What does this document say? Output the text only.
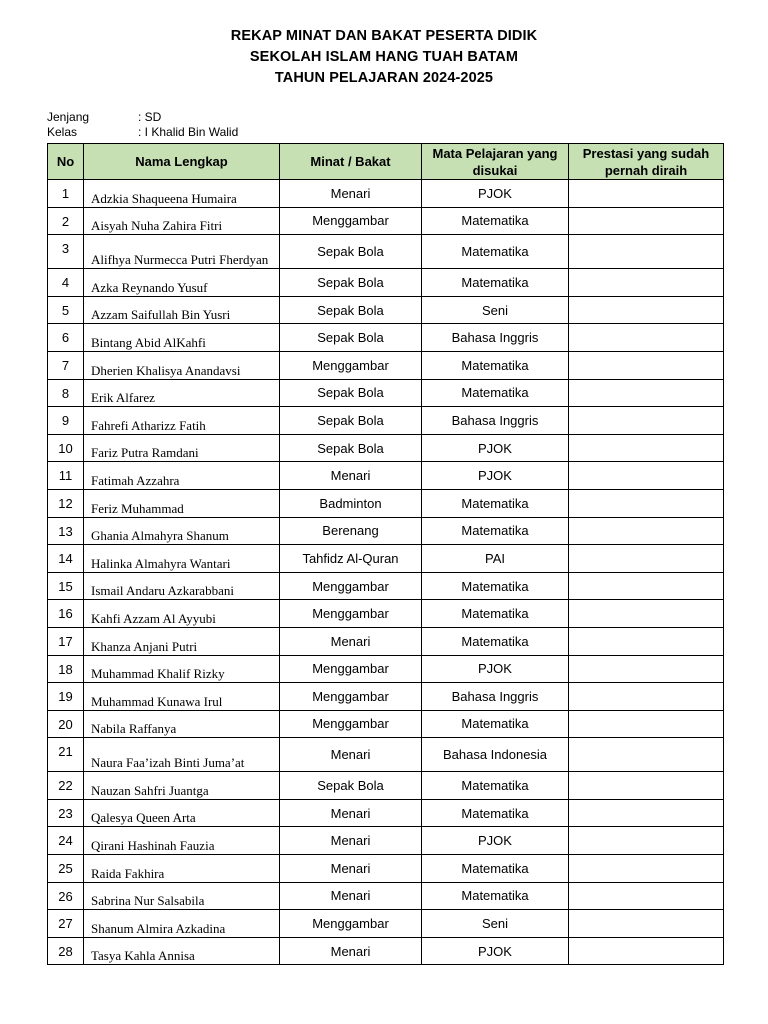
REKAP MINAT DAN BAKAT PESERTA DIDIK
SEKOLAH ISLAM HANG TUAH BATAM
TAHUN PELAJARAN 2024-2025
Jenjang	: SD
Kelas	: I Khalid Bin Walid
No	Nama Lengkap	Minat / Bakat	Mata Pelajaran yang disukai	Prestasi yang sudah pernah diraih
1	Adzkia Shaqueena Humaira	Menari	PJOK	
2	Aisyah Nuha Zahira Fitri	Menggambar	Matematika	
3	Alifhya Nurmecca Putri Fherdyan	Sepak Bola	Matematika	
4	Azka Reynando Yusuf	Sepak Bola	Matematika	
5	Azzam Saifullah Bin Yusri	Sepak Bola	Seni	
6	Bintang Abid AlKahfi	Sepak Bola	Bahasa Inggris	
7	Dherien Khalisya Anandavsi	Menggambar	Matematika	
8	Erik Alfarez	Sepak Bola	Matematika	
9	Fahrefi Atharizz Fatih	Sepak Bola	Bahasa Inggris	
10	Fariz Putra Ramdani	Sepak Bola	PJOK	
11	Fatimah Azzahra	Menari	PJOK	
12	Feriz Muhammad	Badminton	Matematika	
13	Ghania Almahyra Shanum	Berenang	Matematika	
14	Halinka Almahyra Wantari	Tahfidz Al-Quran	PAI	
15	Ismail Andaru Azkarabbani	Menggambar	Matematika	
16	Kahfi Azzam Al Ayyubi	Menggambar	Matematika	
17	Khanza Anjani Putri	Menari	Matematika	
18	Muhammad Khalif Rizky	Menggambar	PJOK	
19	Muhammad Kunawa Irul	Menggambar	Bahasa Inggris	
20	Nabila Raffanya	Menggambar	Matematika	
21	Naura Faa’izah Binti Juma’at	Menari	Bahasa Indonesia	
22	Nauzan Sahfri Juantga	Sepak Bola	Matematika	
23	Qalesya Queen Arta	Menari	Matematika	
24	Qirani Hashinah Fauzia	Menari	PJOK	
25	Raida Fakhira	Menari	Matematika	
26	Sabrina Nur Salsabila	Menari	Matematika	
27	Shanum Almira Azkadina	Menggambar	Seni	
28	Tasya Kahla Annisa	Menari	PJOK	
